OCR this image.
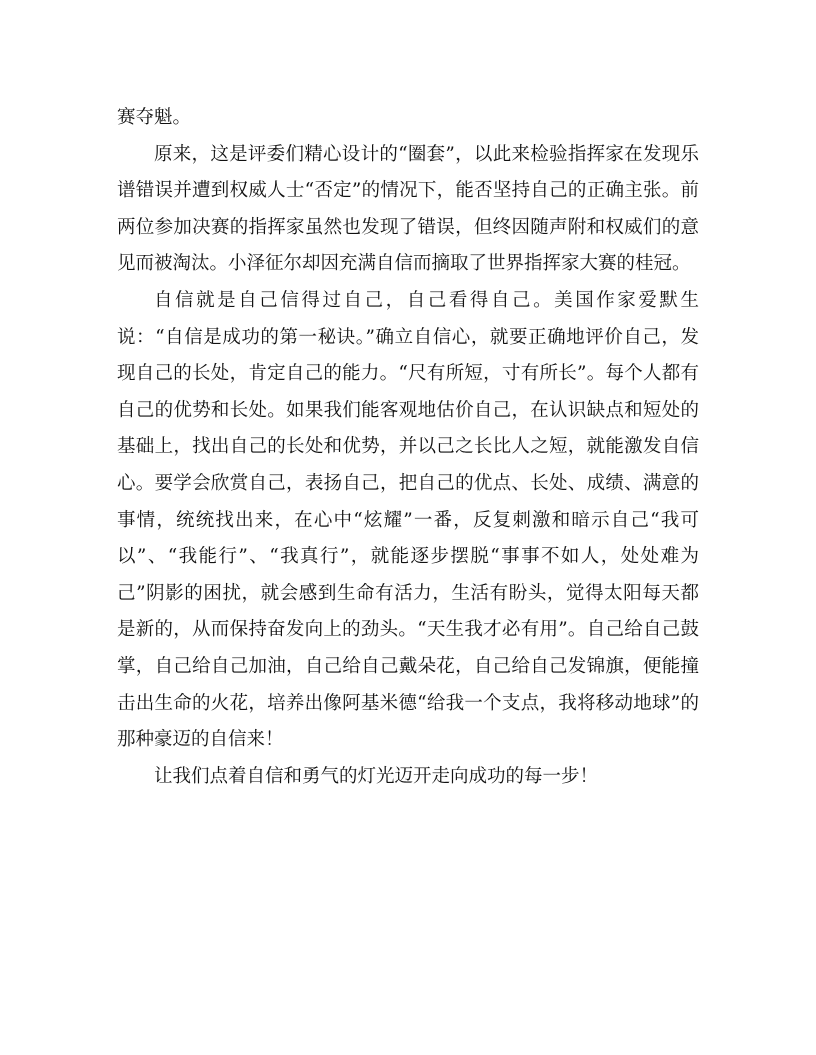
赛夺魁。

原来，这是评委们精心设计的“圈套”，以此来检验指挥家在发现乐谱错误并遭到权威人士“否定”的情况下，能否坚持自己的正确主张。前两位参加决赛的指挥家虽然也发现了错误，但终因随声附和权威们的意见而被淘汰。小泽征尔却因充满自信而摘取了世界指挥家大赛的桂冠。

自信就是自己信得过自己，自己看得自己。美国作家爱默生说：“自信是成功的第一秘诀。”确立自信心，就要正确地评价自己，发现自己的长处，肯定自己的能力。“尺有所短，寸有所长”。每个人都有自己的优势和长处。如果我们能客观地估价自己，在认识缺点和短处的基础上，找出自己的长处和优势，并以己之长比人之短，就能激发自信心。要学会欣赏自己，表扬自己，把自己的优点、长处、成绩、满意的事情，统统找出来，在心中“炫耀”一番，反复刺激和暗示自己“我可以”、“我能行”、“我真行”，就能逐步摆脱“事事不如人，处处难为己”阴影的困扰，就会感到生命有活力，生活有盼头，觉得太阳每天都是新的，从而保持奋发向上的劲头。“天生我才必有用”。自己给自己鼓掌，自己给自己加油，自己给自己戴朵花，自己给自己发锦旗，便能撞击出生命的火花，培养出像阿基米德“给我一个支点，我将移动地球”的那种豪迈的自信来！

让我们点着自信和勇气的灯光迈开走向成功的每一步！
